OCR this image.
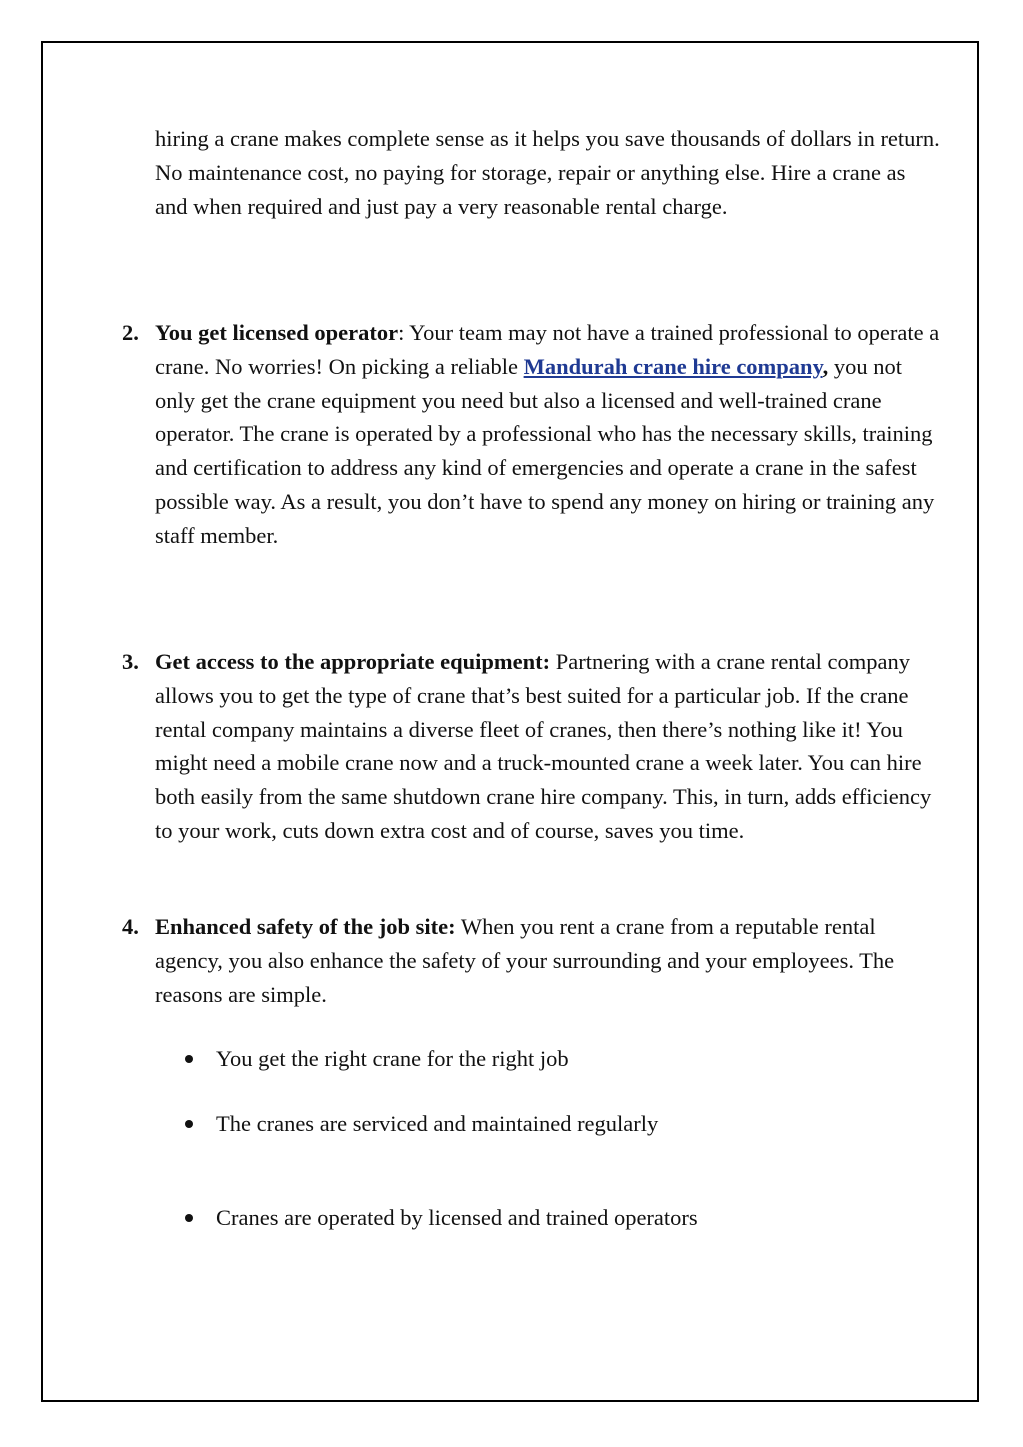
hiring a crane makes complete sense as it helps you save thousands of dollars in return. No maintenance cost, no paying for storage, repair or anything else. Hire a crane as and when required and just pay a very reasonable rental charge.

2. You get licensed operator: Your team may not have a trained professional to operate a crane. No worries! On picking a reliable Mandurah crane hire company, you not only get the crane equipment you need but also a licensed and well-trained crane operator. The crane is operated by a professional who has the necessary skills, training and certification to address any kind of emergencies and operate a crane in the safest possible way. As a result, you don’t have to spend any money on hiring or training any staff member.

3. Get access to the appropriate equipment: Partnering with a crane rental company allows you to get the type of crane that’s best suited for a particular job. If the crane rental company maintains a diverse fleet of cranes, then there’s nothing like it! You might need a mobile crane now and a truck-mounted crane a week later. You can hire both easily from the same shutdown crane hire company. This, in turn, adds efficiency to your work, cuts down extra cost and of course, saves you time.

4. Enhanced safety of the job site: When you rent a crane from a reputable rental agency, you also enhance the safety of your surrounding and your employees. The reasons are simple.

You get the right crane for the right job

The cranes are serviced and maintained regularly

Cranes are operated by licensed and trained operators
